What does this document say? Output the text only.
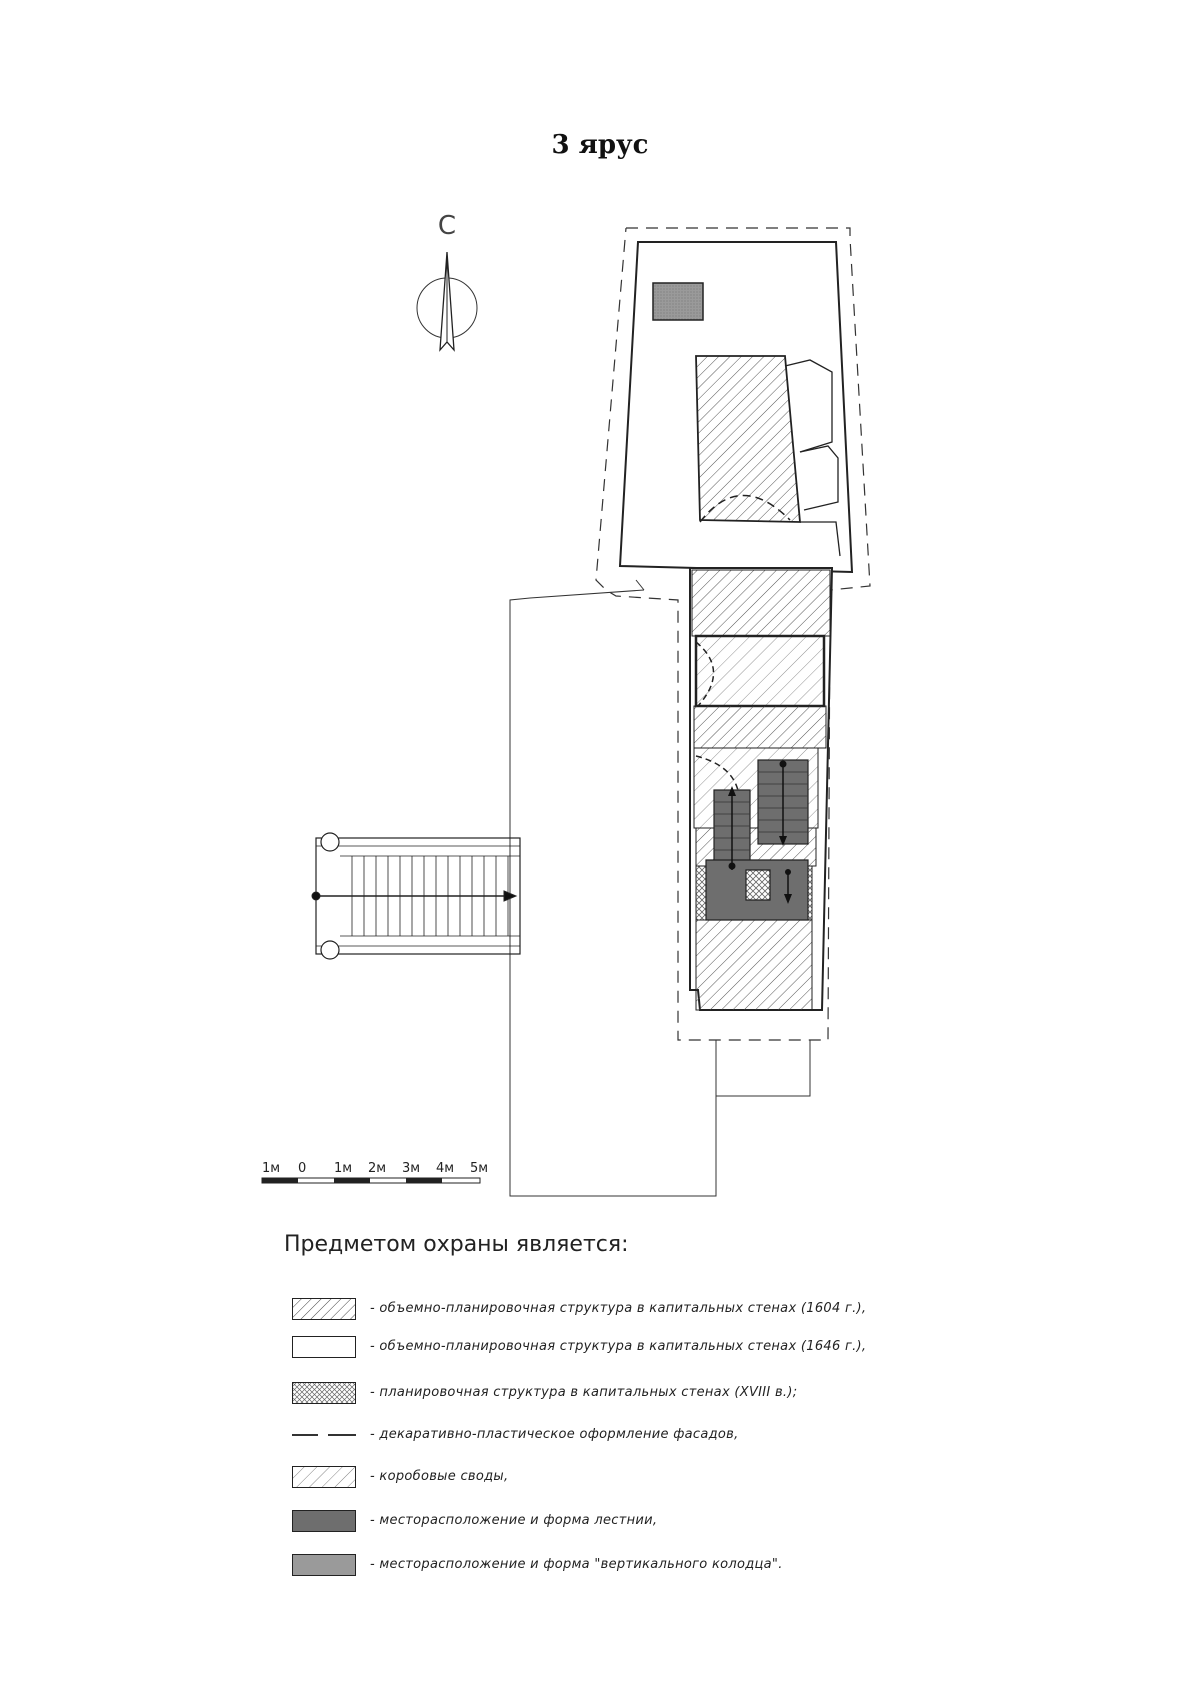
3 ярус
С
1м 0 1м 2м 3м 4м 5м
Предметом охраны является:
- объемно-планировочная структура в капитальных стенах (1604 г.),
- объемно-планировочная структура в капитальных стенах (1646 г.),
- планировочная структура в капитальных стенах (XVIII в.);
- декаративно-пластическое оформление фасадов,
- коробовые своды,
- месторасположение и форма лестнии,
- месторасположение и форма "вертикального колодца".
